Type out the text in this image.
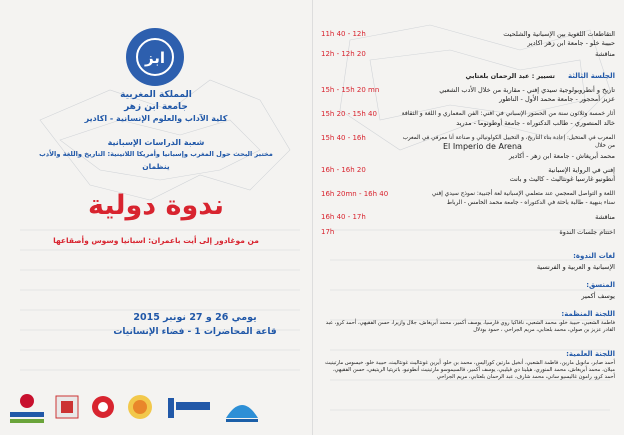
ابز
المملكة المغربية
جامعة ابن زهر
كلية الآداب والعلوم الإنسانية - اكادير
شعبة الدراسات الإسبانية
مختبر البحث حول المغرب وإسبانيا وأمريكا اللاتينية: التاريخ واللغة والأدب
ينظمان
ندوة دولية
من موغادور إلى أيت باعمران: اسبانيا وسوس وأصقاعها
يومي 26 و 27 نونبر 2015
قاعة المحاضرات 1 - فضاء الإنسانيات
11h 40 - 12h	التقاطعات اللغوية بين الإسبانية والشلحيت
حبيبة خلو - جامعة ابن زهر اكادير
12h - 12h 20	مناقشة
الجلسة الثالثة
تسيير : عبد الرحمان بلعتابي
15h - 15h 20 mn	تاريخ و أنطروبولوجية سيدي إفني - مقاربة من خلال الأدب الشعبي
عزيز أمحجور - جامعة محمد الأول - الناظور
15h 20 - 15h 40	أثار خمسة وثلاثون سنة من الحضور الإسباني في افني: الفن المعماري و اللغة و الثقافة
خالد المنصوري - طالب الدكتوراه - جامعة أوطونوما - مدريد
15h 40 - 16h	المغرب في المتخيل: إعادة بناء التاريخ، و التخييل الكولونيالي و صناعة أنا معرفي في المغرب من خلال
El Imperio de Arena
محمد أبريغاش - جامعة ابن زهر - أكادير
16h - 16h 20	إفني في الرواية الإسبانية
أنطونيو غارسيا غونثاليث - كاليث و بانت
16h 20mn - 16h 40	اللغة و التواصل المعجمي عند متعلمي الإسبانية لغة أجنبية: نموذج سيدي إفني
سناء بنبهية - طالبة باحثة في الدكتوراه - جامعة محمد الخامس - الرباط
16h 40 - 17h	مناقشة
17h	اختتام جلسات الندوة
لغات الندوة:
الإسبانية و العربية و الفرنسية
المنسق:
يوسف أكمير
اللجنة المنظمة:
فاطمة الشعبي، حبيبة خلو، محمد الشعبي، نافاكيا روي فارسيا، يوسف أكمير، محمد أبريغاش، جلال وازيرا، حسن الفقيهي، أحمد كرو، عبد القادر عزيز بن صولي، محمد بلعتابي، مريم الجراحي ، حمود بودلال
اللجنة العلمية:
أحمد صابر، مانويل مارين، فاطمة الشعبي، أنخيل مارتين كوراليس، محمد بن خلو، أيرين غونثاليث غونثاليث، حبيبة خلو، خيسوس مارتينيث ميلان، محمد أبريغاش، محمد المنوري، هيلينا دي فيليبي، يوسف أكمير، فالسيموسو مارتينيث أنطونيو، باتريثيا الريتيفي، حسن الفقيهي، أحمد كرو، رامون غاليسيو ساني، محمد شارف، عبد الرحمان بلعتابي، مريم الجراحي
